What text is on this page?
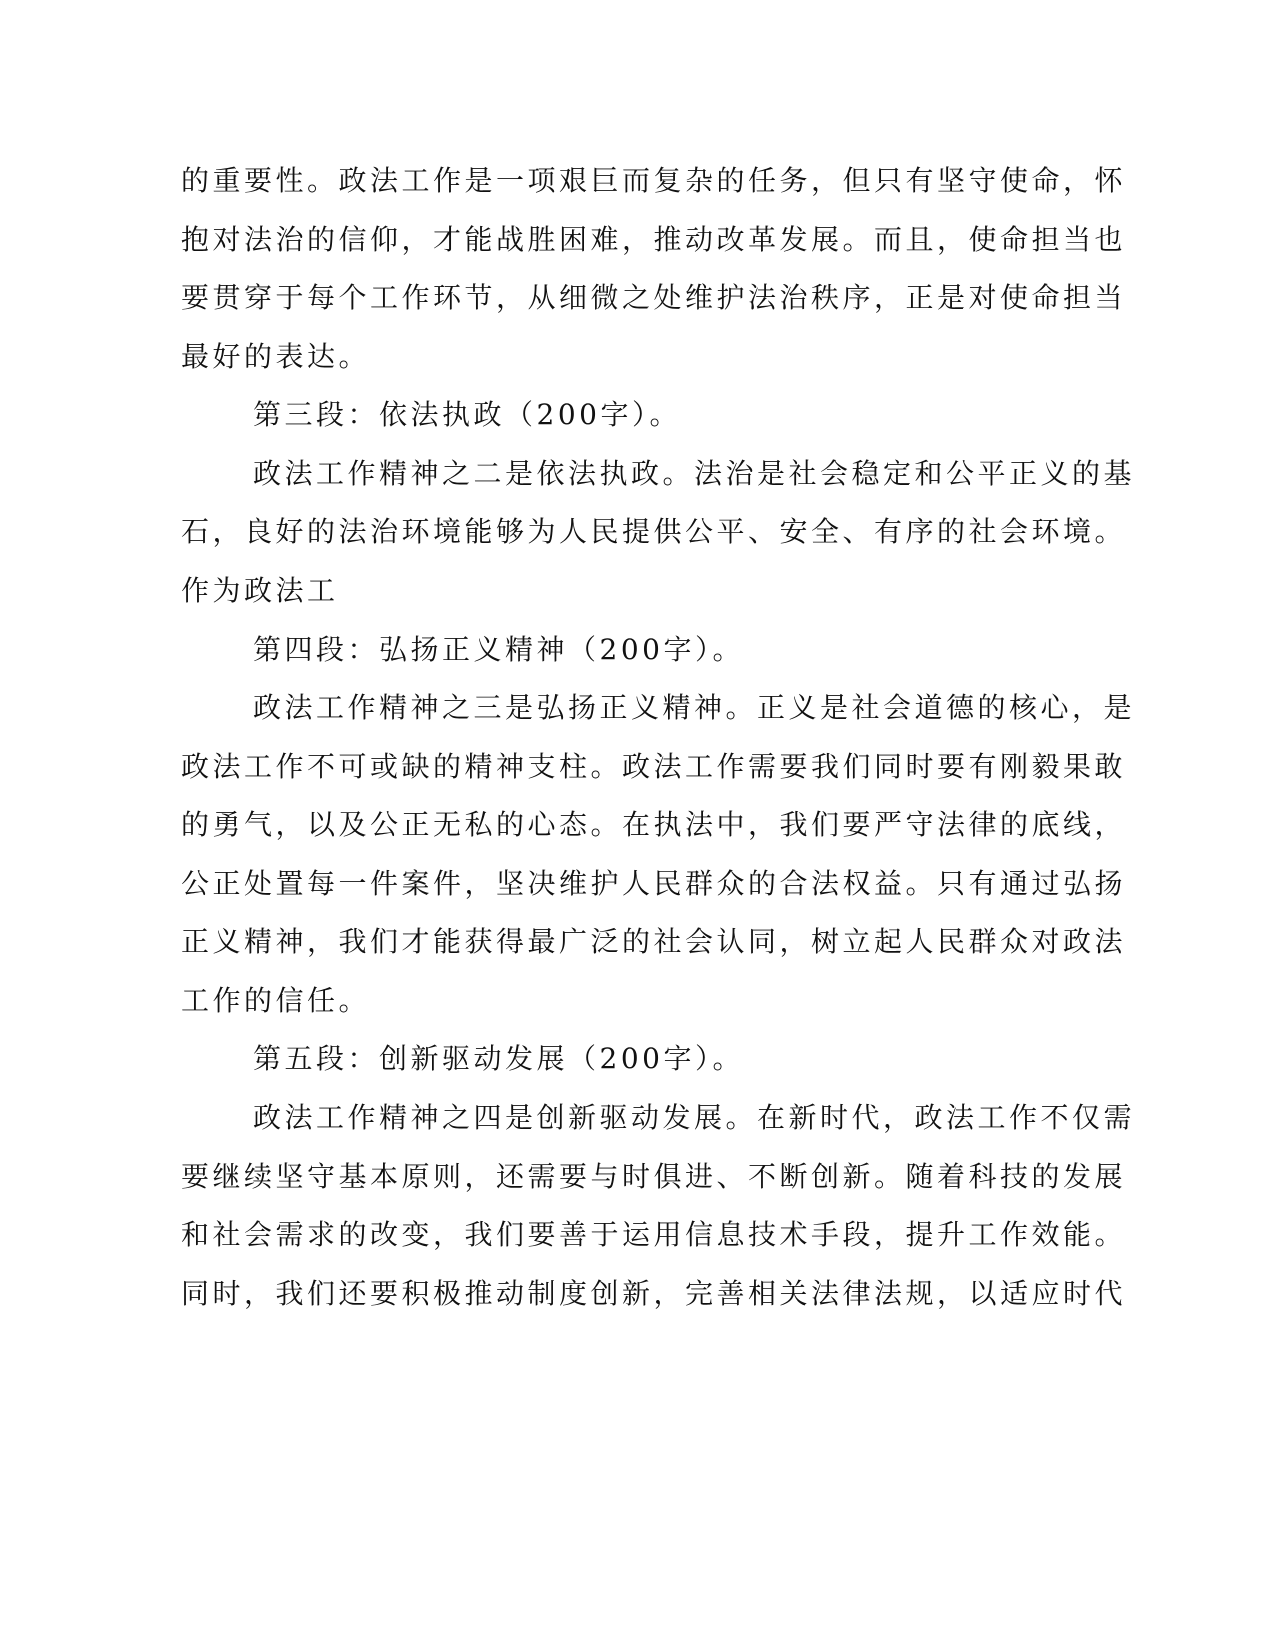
的重要性。政法工作是一项艰巨而复杂的任务，但只有坚守使命，怀
抱对法治的信仰，才能战胜困难，推动改革发展。而且，使命担当也
要贯穿于每个工作环节，从细微之处维护法治秩序，正是对使命担当
最好的表达。
第三段：依法执政（200字）。
政法工作精神之二是依法执政。法治是社会稳定和公平正义的基
石，良好的法治环境能够为人民提供公平、安全、有序的社会环境。
作为政法工
第四段：弘扬正义精神（200字）。
政法工作精神之三是弘扬正义精神。正义是社会道德的核心，是
政法工作不可或缺的精神支柱。政法工作需要我们同时要有刚毅果敢
的勇气，以及公正无私的心态。在执法中，我们要严守法律的底线，
公正处置每一件案件，坚决维护人民群众的合法权益。只有通过弘扬
正义精神，我们才能获得最广泛的社会认同，树立起人民群众对政法
工作的信任。
第五段：创新驱动发展（200字）。
政法工作精神之四是创新驱动发展。在新时代，政法工作不仅需
要继续坚守基本原则，还需要与时俱进、不断创新。随着科技的发展
和社会需求的改变，我们要善于运用信息技术手段，提升工作效能。
同时，我们还要积极推动制度创新，完善相关法律法规，以适应时代
